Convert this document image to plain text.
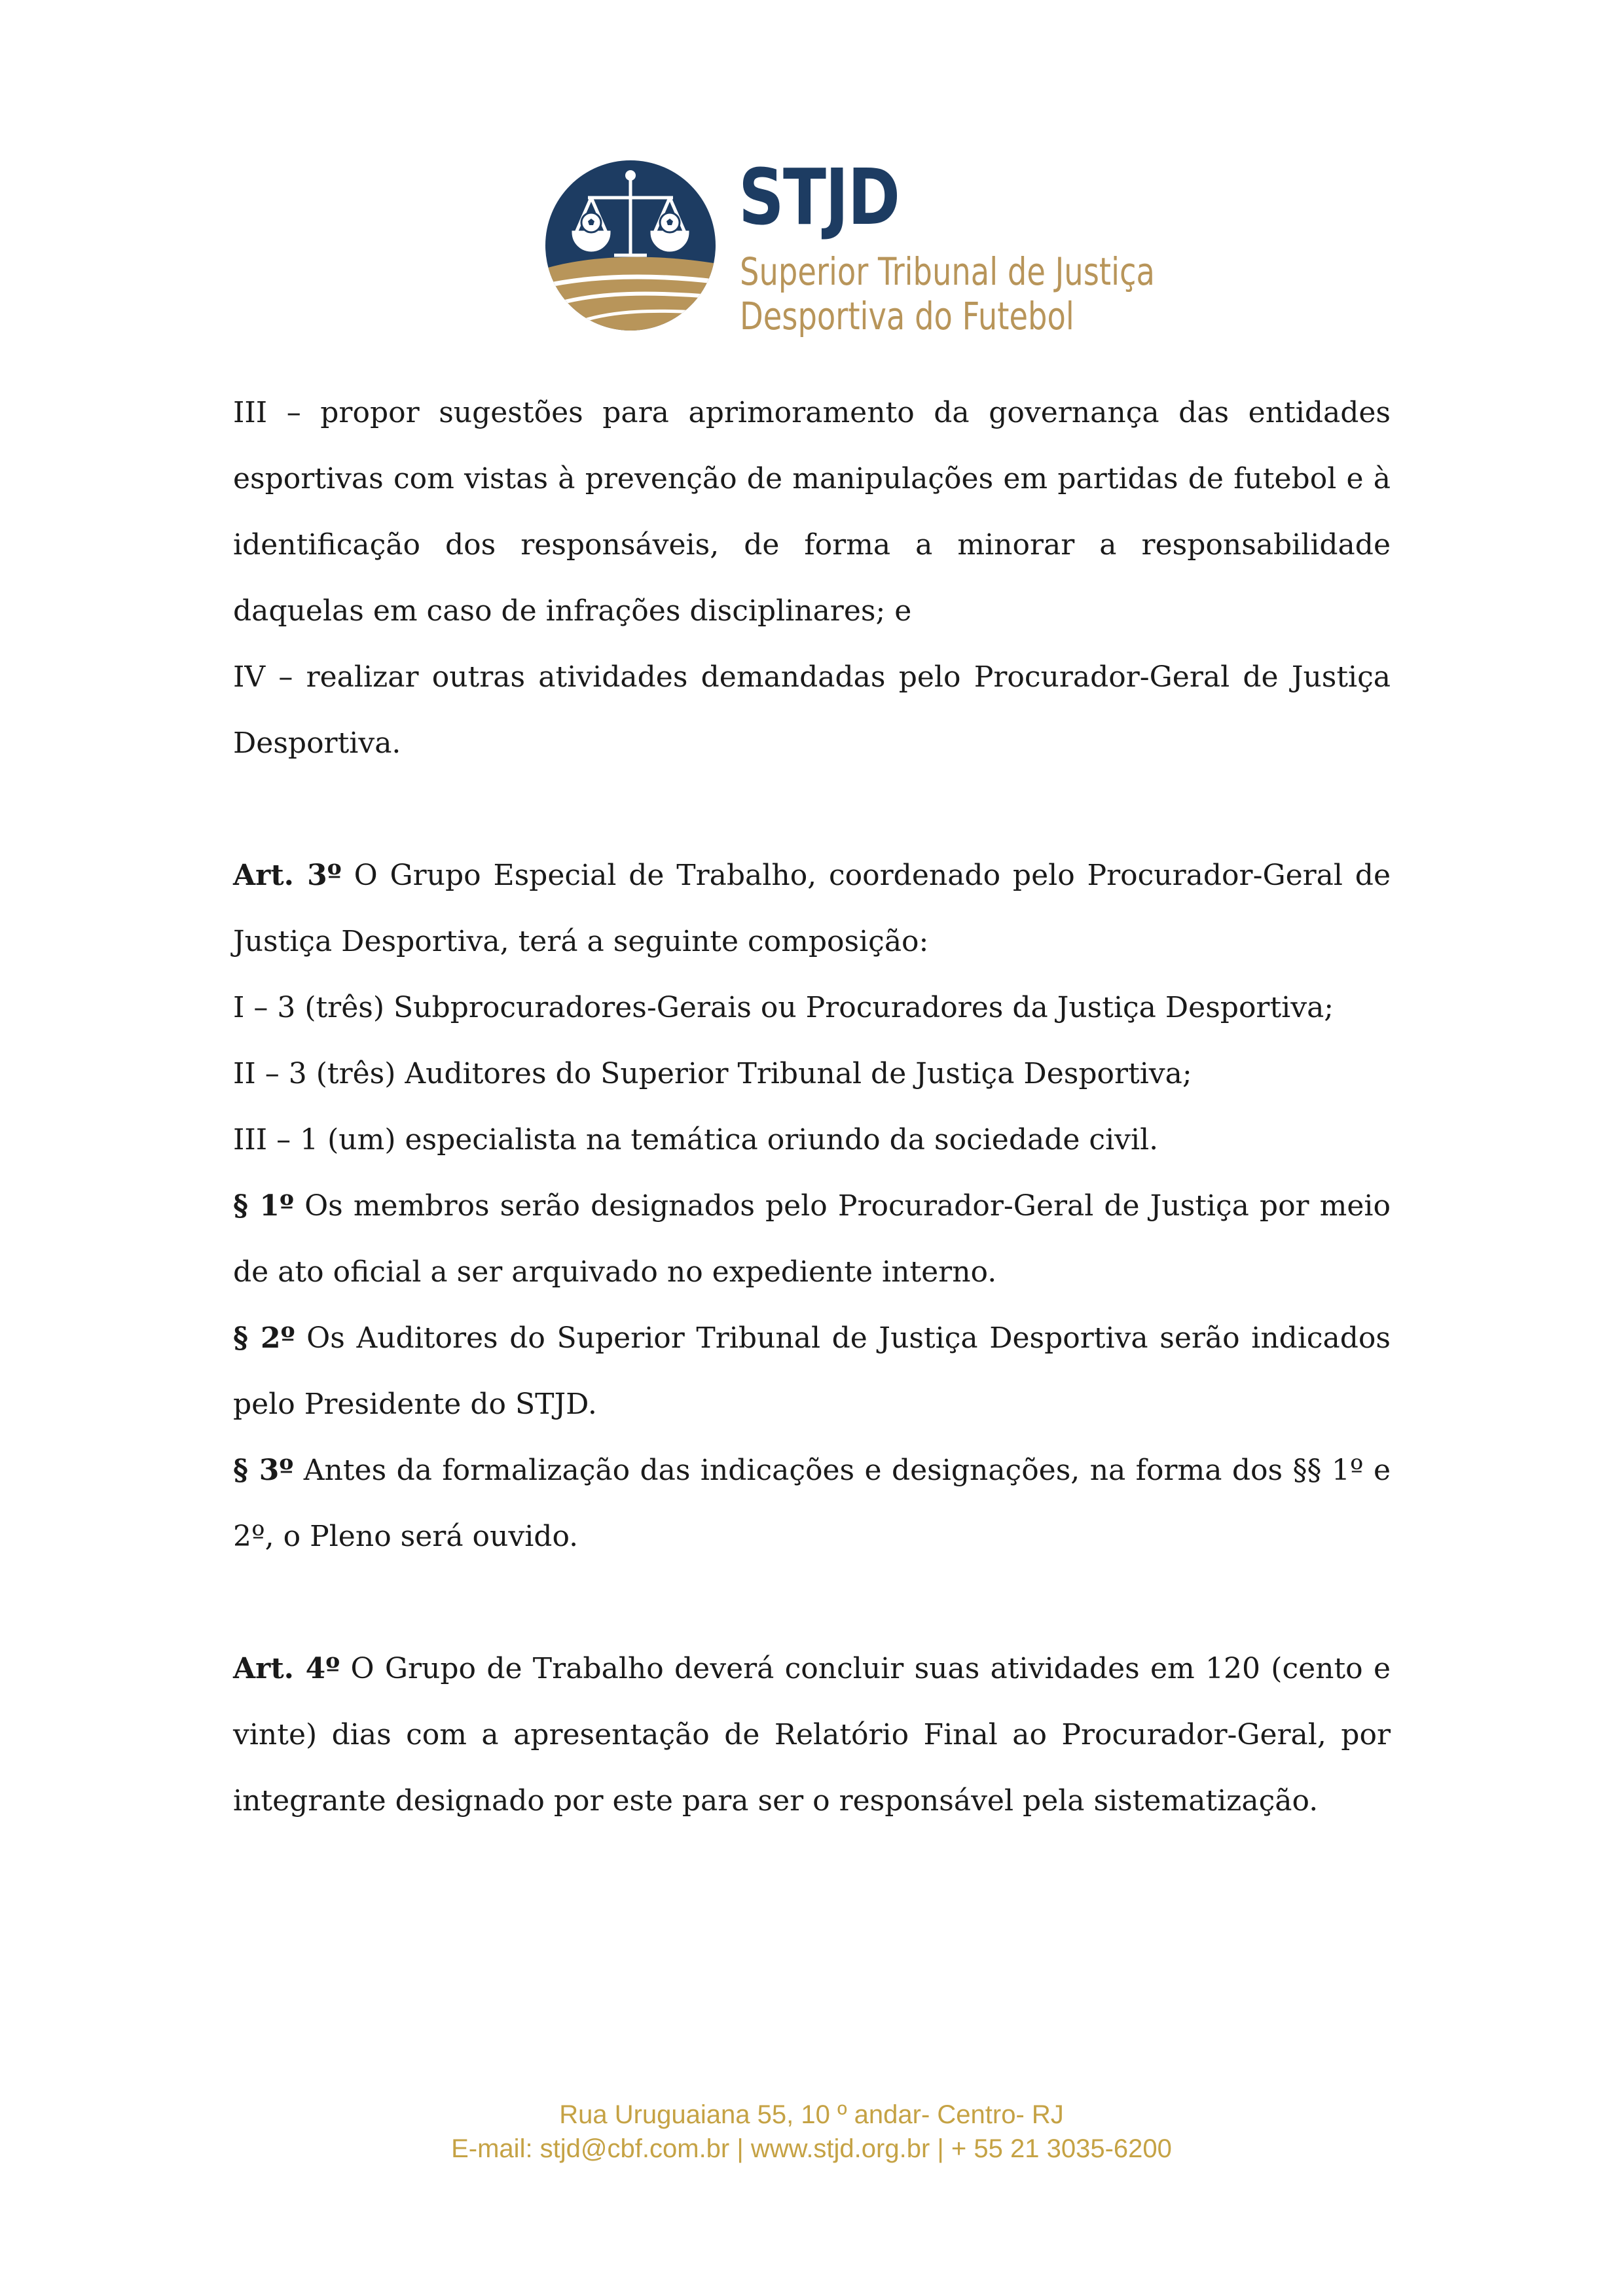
STJD
Superior Tribunal de Justiça
Desportiva do Futebol

III – propor sugestões para aprimoramento da governança das entidades esportivas com vistas à prevenção de manipulações em partidas de futebol e à identificação dos responsáveis, de forma a minorar a responsabilidade daquelas em caso de infrações disciplinares; e

IV – realizar outras atividades demandadas pelo Procurador-Geral de Justiça Desportiva.

Art. 3º O Grupo Especial de Trabalho, coordenado pelo Procurador-Geral de Justiça Desportiva, terá a seguinte composição:

I – 3 (três) Subprocuradores-Gerais ou Procuradores da Justiça Desportiva;

II – 3 (três) Auditores do Superior Tribunal de Justiça Desportiva;

III – 1 (um) especialista na temática oriundo da sociedade civil.

§ 1º Os membros serão designados pelo Procurador-Geral de Justiça por meio de ato oficial a ser arquivado no expediente interno.

§ 2º Os Auditores do Superior Tribunal de Justiça Desportiva serão indicados pelo Presidente do STJD.

§ 3º Antes da formalização das indicações e designações, na forma dos §§ 1º e 2º, o Pleno será ouvido.

Art. 4º O Grupo de Trabalho deverá concluir suas atividades em 120 (cento e vinte) dias com a apresentação de Relatório Final ao Procurador-Geral, por integrante designado por este para ser o responsável pela sistematização.

Rua Uruguaiana 55, 10 º andar- Centro- RJ
E-mail: stjd@cbf.com.br | www.stjd.org.br | + 55 21 3035-6200
